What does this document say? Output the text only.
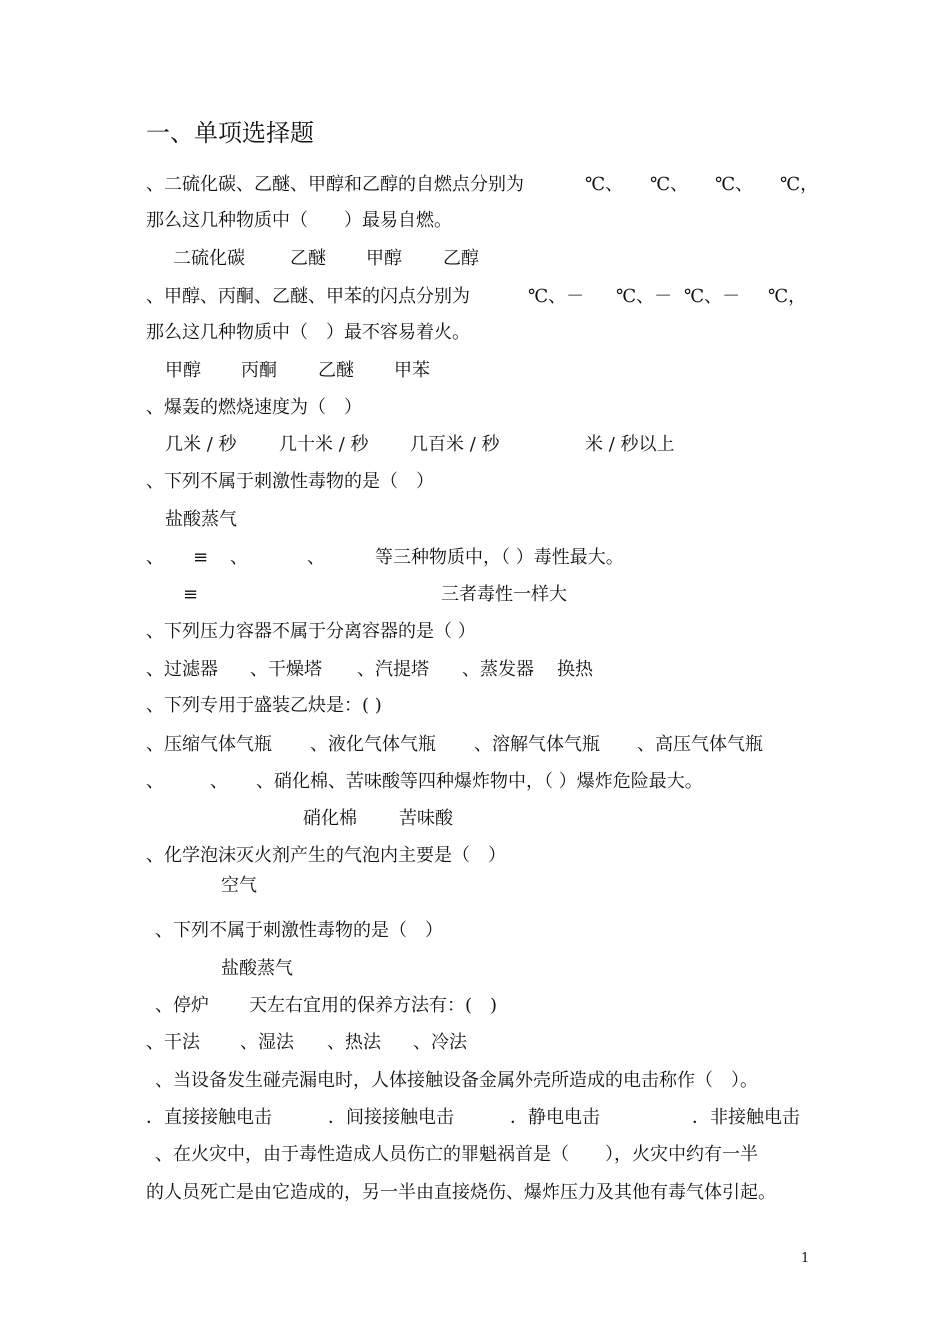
一、单项选择题
、二硫化碳、乙醚、甲醇和乙醇的自燃点分别为	℃、 ℃、 ℃、 ℃，
那么这几种物质中（　　）最易自燃。
二硫化碳	乙醚 甲醇 乙醇
、甲醇、丙酮、乙醚、甲苯的闪点分别为	℃、－ ℃、－ ℃、－ ℃，
那么这几种物质中（　）最不容易着火。
甲醇 丙酮 乙醚 甲苯
、爆轰的燃烧速度为（　）
几米 / 秒 几十米 / 秒 几百米 / 秒	米 / 秒以上
、下列不属于刺激性毒物的是（　）
盐酸蒸气
、 ≡ 、	、	等三种物质中，（ ）毒性最大。
≡	三者毒性一样大
、下列压力容器不属于分离容器的是（ ）
、过滤器 、干燥塔 、汽提塔 、蒸发器 换热
、下列专用于盛装乙炔是：( )
、压缩气体气瓶 、液化气体气瓶 、溶解气体气瓶 、高压气体气瓶
、	、 、硝化棉、苦味酸等四种爆炸物中，（ ）爆炸危险最大。
硝化棉 苦味酸
、化学泡沫灭火剂产生的气泡内主要是（　）
空气
、下列不属于刺激性毒物的是（　）
盐酸蒸气
、停炉 天左右宜用的保养方法有：(　)
、干法 、湿法 、热法 、冷法
、当设备发生碰壳漏电时，人体接触设备金属外壳所造成的电击称作（　）。
．直接接触电击	．间接接触电击	．静电电击	．非接触电击
、在火灾中，由于毒性造成人员伤亡的罪魁祸首是（　　），火灾中约有一半
的人员死亡是由它造成的，另一半由直接烧伤、爆炸压力及其他有毒气体引起。
1
